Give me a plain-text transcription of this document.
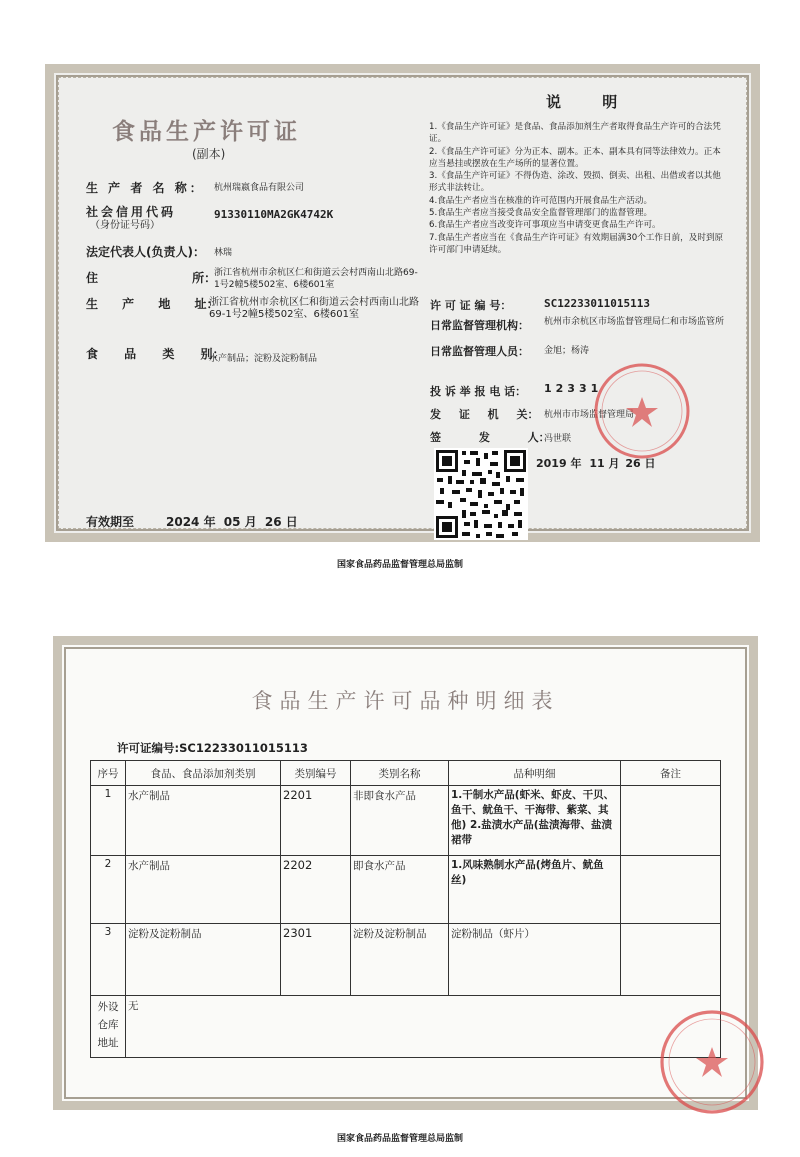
食品生产许可证
(副本)
生 产 者 名 称： 杭州瑞嬴食品有限公司
社会信用代码
（身份证号码）
91330110MA2GK4742K
法定代表人(负责人)： 林瑞
住 所：
浙江省杭州市余杭区仁和街道云会村西南山北路69-1号2幢5楼502室、6楼601室
生 产 地 址：
浙江省杭州市余杭区仁和街道云会村西南山北路69-1号2幢5楼502室、6楼601室
食 品 类 别：
水产制品；淀粉及淀粉制品
有效期至	2024 年 05 月 26 日
说 明
1.《食品生产许可证》是食品、食品添加剂生产者取得食品生产许可的合法凭证。
2.《食品生产许可证》分为正本、副本。正本、副本具有同等法律效力。正本应当悬挂或摆放在生产场所的显著位置。
3.《食品生产许可证》不得伪造、涂改、毁损、倒卖、出租、出借或者以其他形式非法转让。
4.食品生产者应当在核准的许可范围内开展食品生产活动。
5.食品生产者应当接受食品安全监督管理部门的监督管理。
6.食品生产者应当改变许可事项应当申请变更食品生产许可。
7.食品生产者应当在《食品生产许可证》有效期届满30个工作日前，及时到原许可部门申请延续。
许 可 证 编 号：	SC12233011015113
日常监督管理机构： 杭州市余杭区市场监督管理局仁和市场监管所
日常监督管理人员： 金旭；杨涛
投 诉 举 报 电 话： 12331
发 证 机 关： 杭州市市场监督管理局
签 发 人：
冯世联
2019 年 11 月 26 日
国家食品药品监督管理总局监制
食品生产许可品种明细表
许可证编号:SC12233011015113
序号	食品、食品添加剂类别	类别编号	类别名称	品种明细	备注
1	水产制品	2201	非即食水产品	1.干制水产品(虾米、虾皮、干贝、鱼干、鱿鱼干、干海带、紫菜、其他) 2.盐渍水产品(盐渍海带、盐渍裙带	
2	水产制品	2202	即食水产品	1.风味熟制水产品(烤鱼片、鱿鱼丝)	
3	淀粉及淀粉制品	2301	淀粉及淀粉制品	淀粉制品（虾片）	
外设仓库地址	无				
国家食品药品监督管理总局监制
